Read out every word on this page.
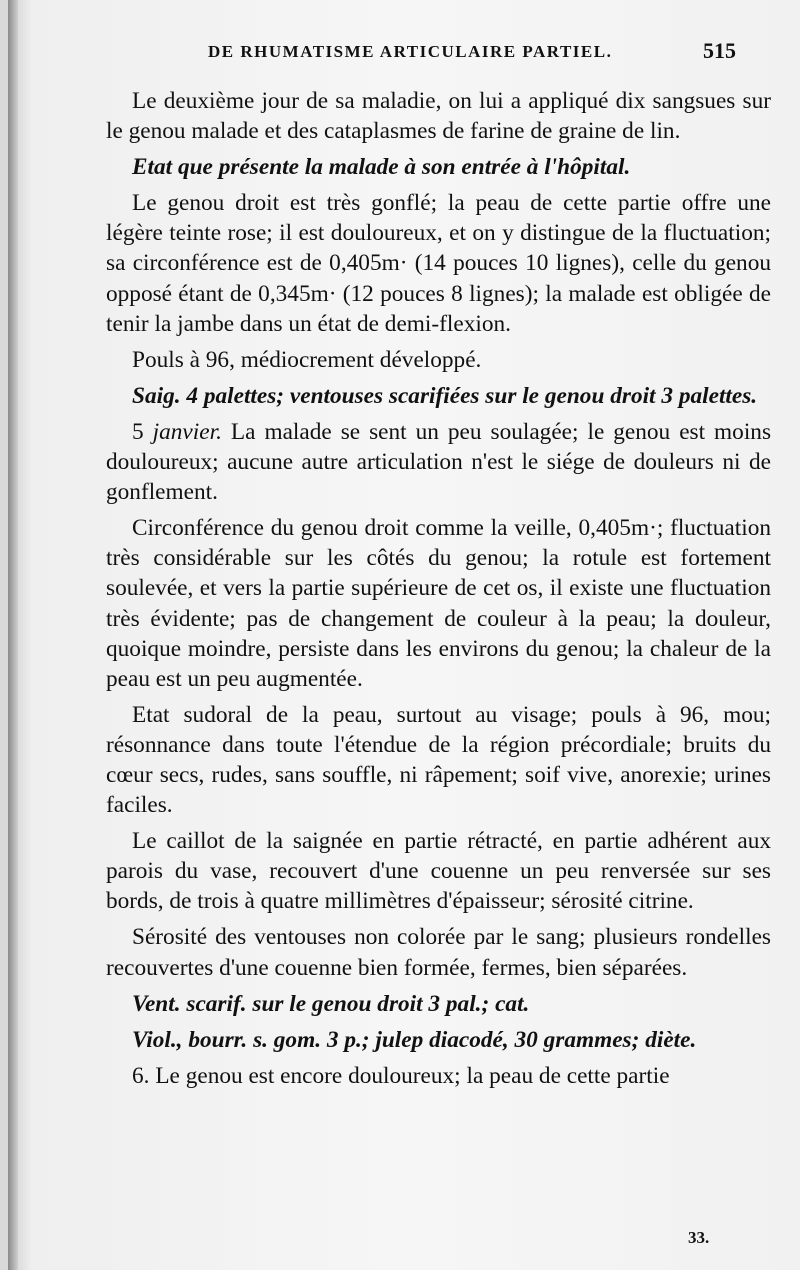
DE RHUMATISME ARTICULAIRE PARTIEL.	515

Le deuxième jour de sa maladie, on lui a appliqué dix sangsues sur le genou malade et des cataplasmes de farine de graine de lin.

Etat que présente la malade à son entrée à l'hôpital.

Le genou droit est très gonflé; la peau de cette partie offre une légère teinte rose; il est douloureux, et on y distingue de la fluctuation; sa circonférence est de 0,405m· (14 pouces 10 lignes), celle du genou opposé étant de 0,345m· (12 pouces 8 lignes); la malade est obligée de tenir la jambe dans un état de demi-flexion.

Pouls à 96, médiocrement développé.

Saig. 4 palettes; ventouses scarifiées sur le genou droit 3 palettes.

5 janvier. La malade se sent un peu soulagée; le genou est moins douloureux; aucune autre articulation n'est le siége de douleurs ni de gonflement.

Circonférence du genou droit comme la veille, 0,405m·; fluctuation très considérable sur les côtés du genou; la rotule est fortement soulevée, et vers la partie supérieure de cet os, il existe une fluctuation très évidente; pas de changement de couleur à la peau; la douleur, quoique moindre, persiste dans les environs du genou; la chaleur de la peau est un peu augmentée.

Etat sudoral de la peau, surtout au visage; pouls à 96, mou; résonnance dans toute l'étendue de la région précordiale; bruits du cœur secs, rudes, sans souffle, ni râpement; soif vive, anorexie; urines faciles.

Le caillot de la saignée en partie rétracté, en partie adhérent aux parois du vase, recouvert d'une couenne un peu renversée sur ses bords, de trois à quatre millimètres d'épaisseur; sérosité citrine.

Sérosité des ventouses non colorée par le sang; plusieurs rondelles recouvertes d'une couenne bien formée, fermes, bien séparées.

Vent. scarif. sur le genou droit 3 pal.; cat.

Viol., bourr. s. gom. 3 p.; julep diacodé, 30 grammes; diète.

6. Le genou est encore douloureux; la peau de cette partie

33.
